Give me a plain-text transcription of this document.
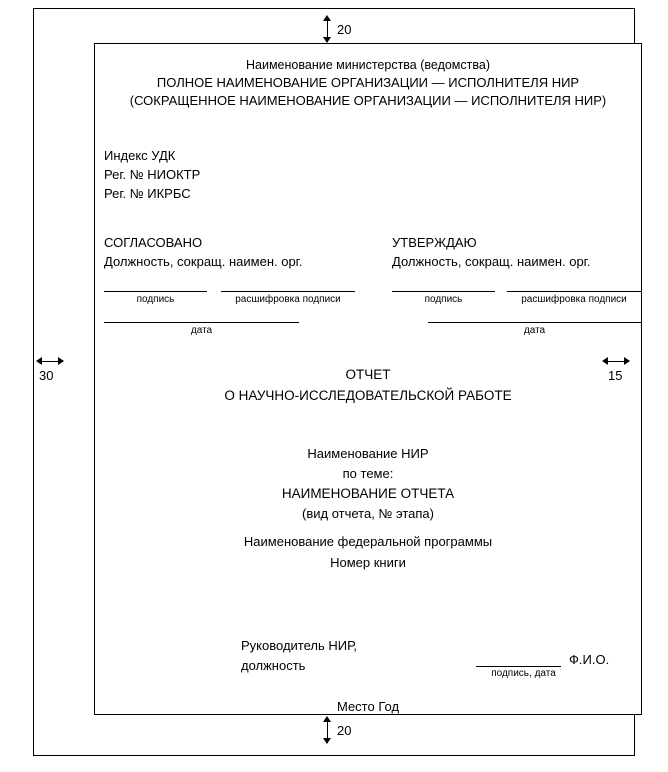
20
20
Наименование министерства (ведомства)
ПОЛНОЕ НАИМЕНОВАНИЕ ОРГАНИЗАЦИИ — ИСПОЛНИТЕЛЯ НИР
(СОКРАЩЕННОЕ НАИМЕНОВАНИЕ ОРГАНИЗАЦИИ — ИСПОЛНИТЕЛЯ НИР)
Индекс УДК
Рег. № НИОКТР
Рег. № ИКРБС
СОГЛАСОВАНО
Должность, сокращ. наимен. орг.
УТВЕРЖДАЮ
Должность, сокращ. наимен. орг.
подпись	расшифровка подписи
дата
подпись	расшифровка подписи
дата
ОТЧЕТ
О НАУЧНО-ИССЛЕДОВАТЕЛЬСКОЙ РАБОТЕ
Наименование НИР
по теме:
НАИМЕНОВАНИЕ ОТЧЕТА
(вид отчета, № этапа)
Наименование федеральной программы
Номер книги
Руководитель НИР,
должность
подпись, дата
Ф.И.О.
Место Год
30	15
